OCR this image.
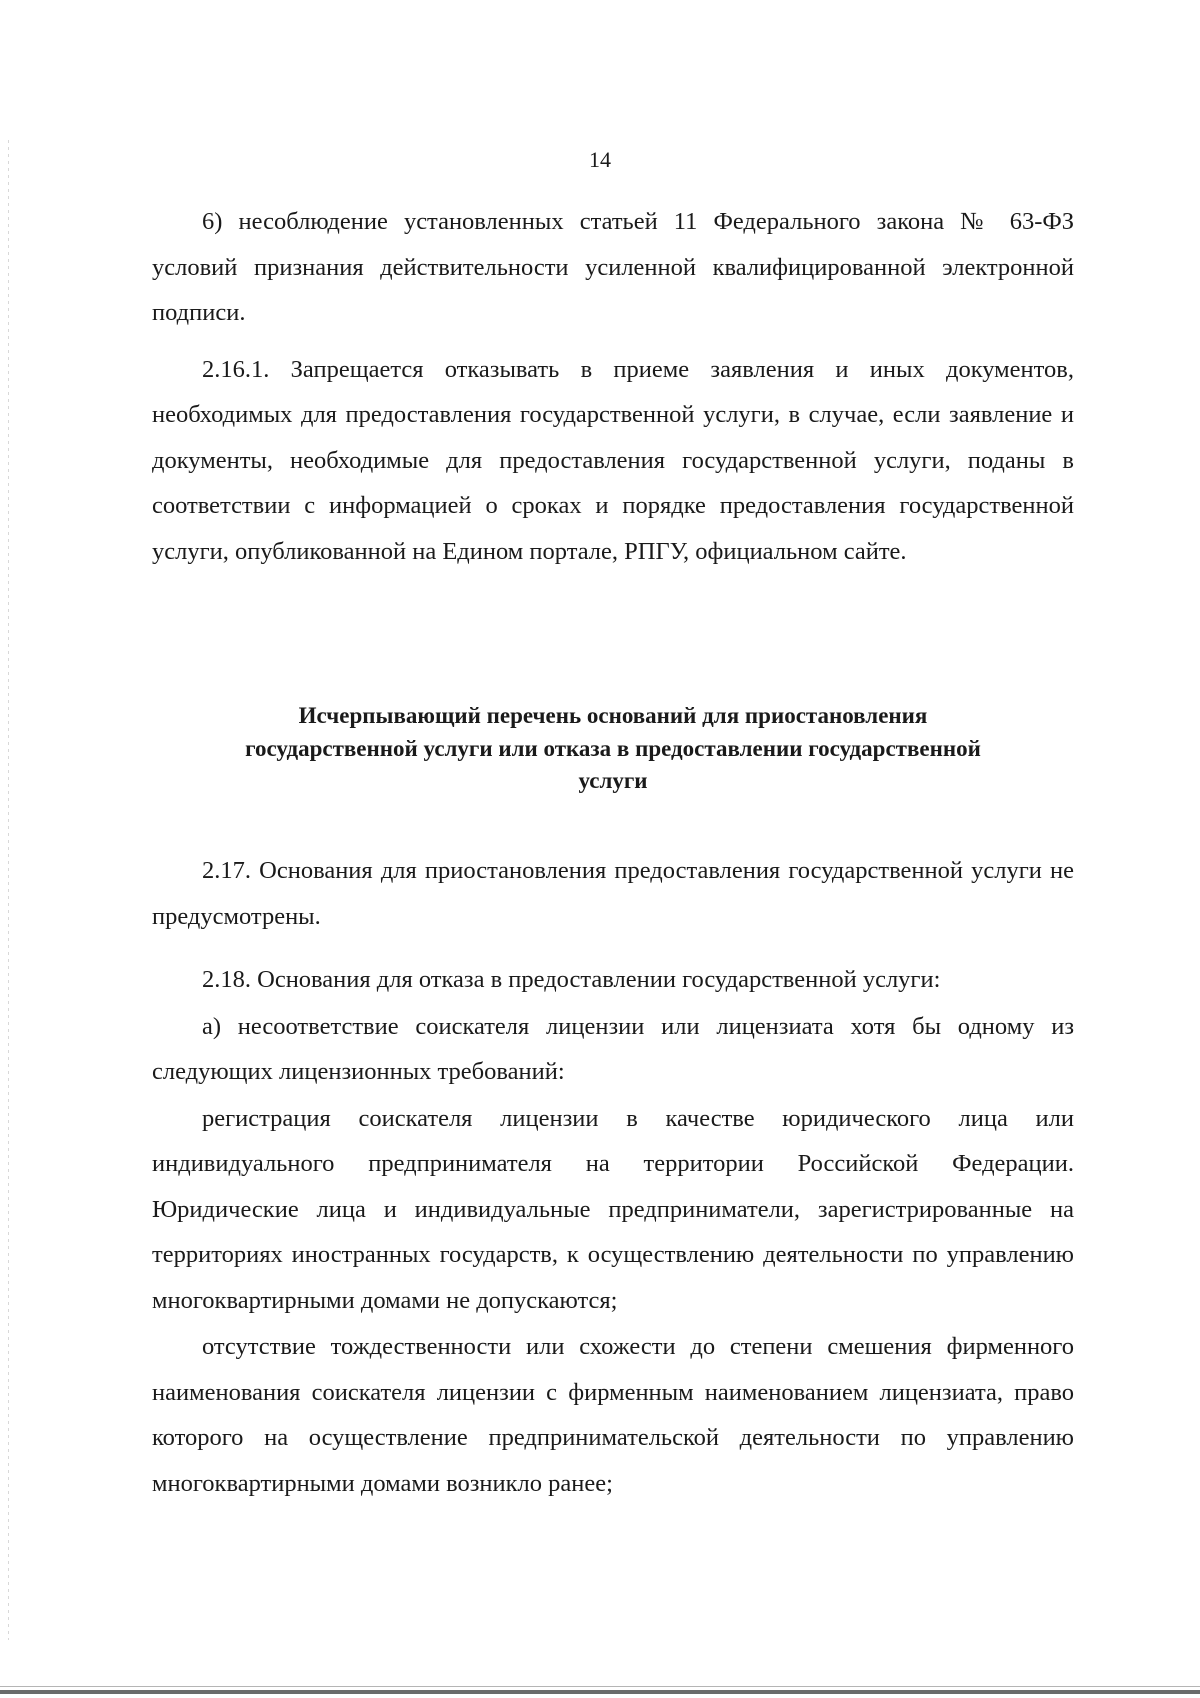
14

6) несоблюдение установленных статьей 11 Федерального закона № 63-ФЗ условий признания действительности усиленной квалифицированной электронной подписи.

2.16.1. Запрещается отказывать в приеме заявления и иных документов, необходимых для предоставления государственной услуги, в случае, если заявление и документы, необходимые для предоставления государственной услуги, поданы в соответствии с информацией о сроках и порядке предоставления государственной услуги, опубликованной на Едином портале, РПГУ, официальном сайте.

Исчерпывающий перечень оснований для приостановления
государственной услуги или отказа в предоставлении государственной
услуги

2.17. Основания для приостановления предоставления государственной услуги не предусмотрены.

2.18. Основания для отказа в предоставлении государственной услуги:

а) несоответствие соискателя лицензии или лицензиата хотя бы одному из следующих лицензионных требований:

регистрация соискателя лицензии в качестве юридического лица или индивидуального предпринимателя на территории Российской Федерации. Юридические лица и индивидуальные предприниматели, зарегистрированные на территориях иностранных государств, к осуществлению деятельности по управлению многоквартирными домами не допускаются;

отсутствие тождественности или схожести до степени смешения фирменного наименования соискателя лицензии с фирменным наименованием лицензиата, право которого на осуществление предпринимательской деятельности по управлению многоквартирными домами возникло ранее;
